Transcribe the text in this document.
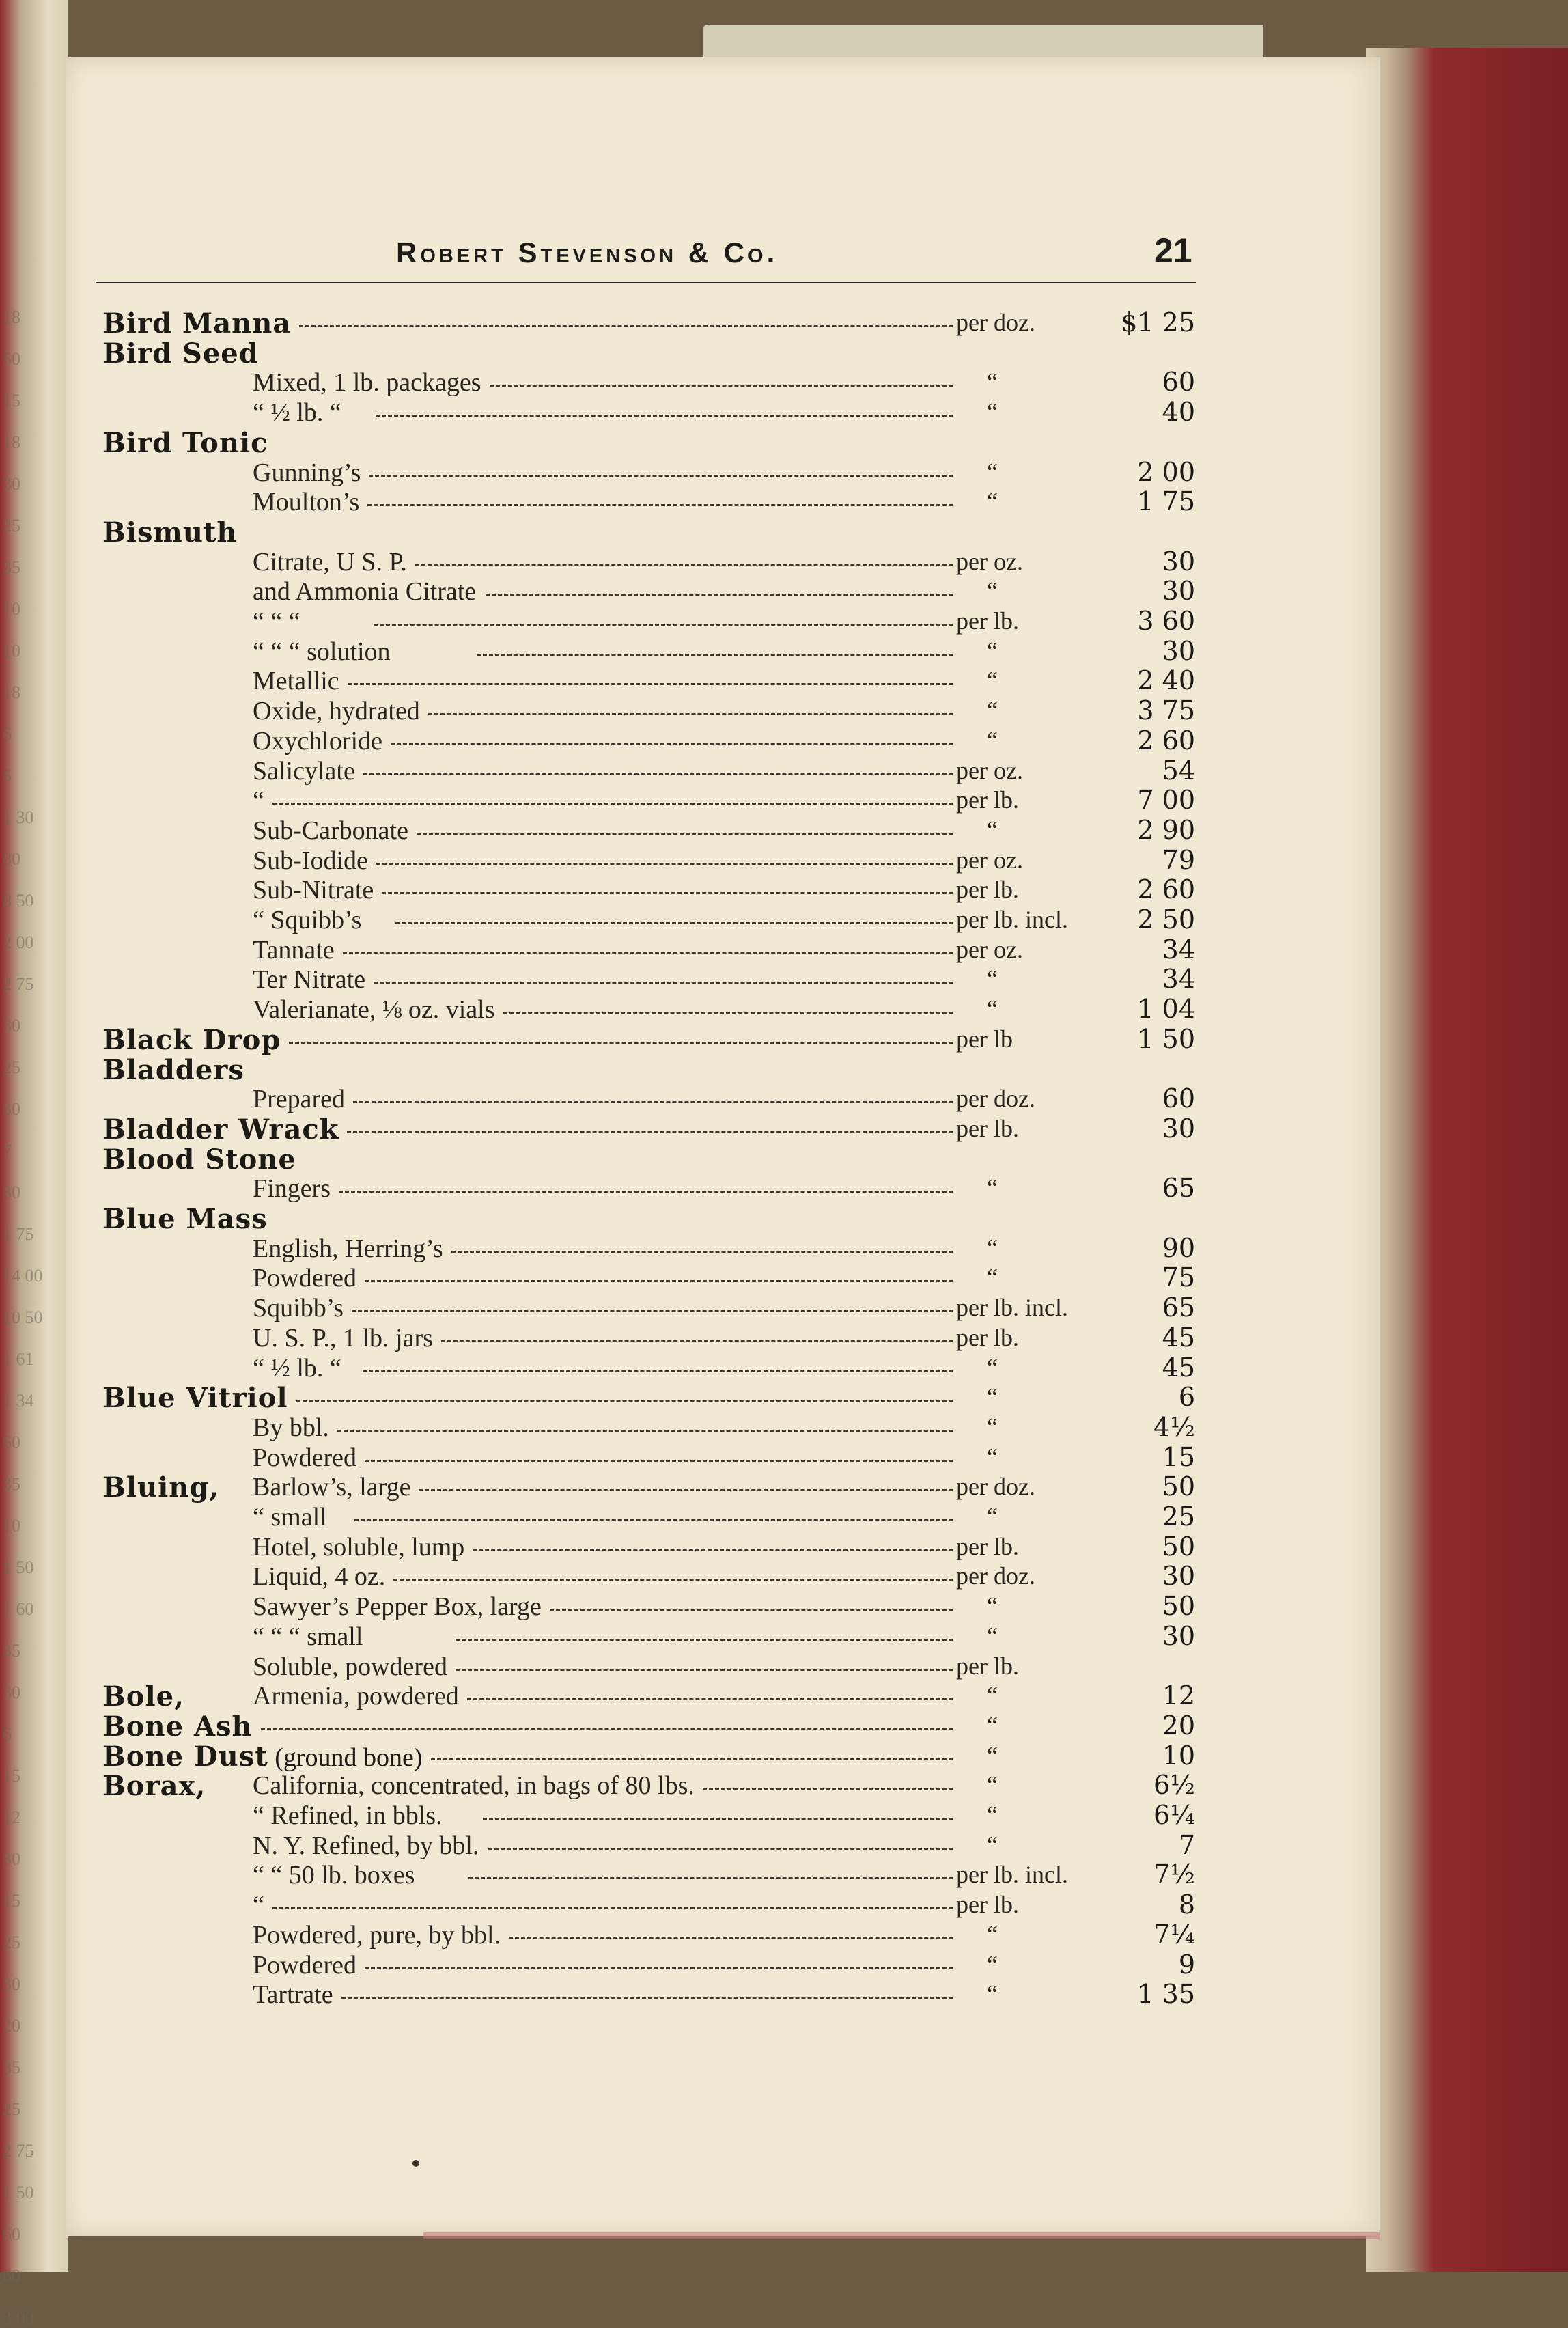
18
50
15
18
30
25
35
10
10
18
6
5
1 30
80
8 50
2 00
2 75
30
25
30
7
30
1 75
14 00
10 50
1 61
1 34
60
35
10
1 50
1 60
35
30
6
15
12
30
15
25
30
20
35
25
2 75
1 50
60
60
3 00
Robert Stevenson & Co.	21
Bird Manna	per doz.	$1 25
Bird Seed
Mixed, 1 lb. packages	“	60
“ ½ lb. “	“	40
Bird Tonic
Gunning’s	“	2 00
Moulton’s	“	1 75
Bismuth
Citrate, U S. P.	per oz.	30
and Ammonia Citrate	“	30
“ “ “	per lb.	3 60
“ “ “ solution	“	30
Metallic	“	2 40
Oxide, hydrated	“	3 75
Oxychloride	“	2 60
Salicylate	per oz.	54
“	per lb.	7 00
Sub-Carbonate	“	2 90
Sub-Iodide	per oz.	79
Sub-Nitrate	per lb.	2 60
“ Squibb’s	per lb. incl.	2 50
Tannate	per oz.	34
Ter Nitrate	“	34
Valerianate, ⅛ oz. vials	“	1 04
Black Drop	per lb	1 50
Bladders
Prepared	per doz.	60
Bladder Wrack	per lb.	30
Blood Stone
Fingers	“	65
Blue Mass
English, Herring’s	“	90
Powdered	“	75
Squibb’s	per lb. incl.	65
U. S. P., 1 lb. jars	per lb.	45
“ ½ lb. “	“	45
Blue Vitriol	“	6
By bbl.	“	4½
Powdered	“	15
Bluing, Barlow’s, large	per doz.	50
“ small	“	25
Hotel, soluble, lump	per lb.	50
Liquid, 4 oz.	per doz.	30
Sawyer’s Pepper Box, large	“	50
“ “ “ small	“	30
Soluble, powdered	per lb.
Bole,	Armenia, powdered	“	12
Bone Ash	“	20
Bone Dust (ground bone)	“	10
Borax, California, concentrated, in bags of 80 lbs.	“	6½
“ Refined, in bbls.	“	6¼
N. Y. Refined, by bbl.	“	7
“ “ 50 lb. boxes	per lb. incl.	7½
“	per lb.	8
Powdered, pure, by bbl.	“	7¼
Powdered	“	9
Tartrate	“	1 35
